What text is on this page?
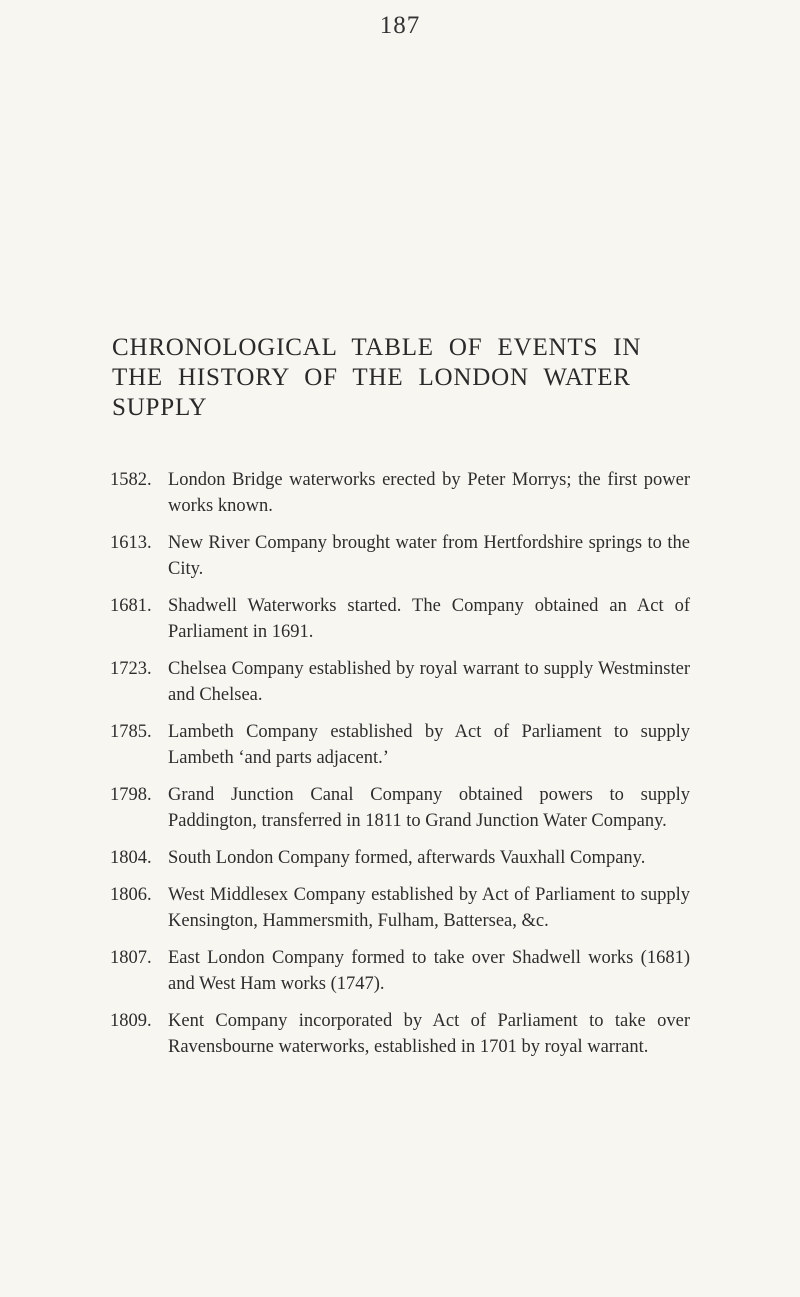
187
CHRONOLOGICAL TABLE OF EVENTS IN
THE HISTORY OF THE LONDON WATER
SUPPLY
1582. London Bridge waterworks erected by Peter Morrys; the first power works known.
1613. New River Company brought water from Hertfordshire springs to the City.
1681. Shadwell Waterworks started. The Company obtained an Act of Parliament in 1691.
1723. Chelsea Company established by royal warrant to supply Westminster and Chelsea.
1785. Lambeth Company established by Act of Parliament to supply Lambeth ‘and parts adjacent.’
1798. Grand Junction Canal Company obtained powers to supply Paddington, transferred in 1811 to Grand Junction Water Company.
1804. South London Company formed, afterwards Vauxhall Company.
1806. West Middlesex Company established by Act of Parliament to supply Kensington, Hammersmith, Fulham, Battersea, &c.
1807. East London Company formed to take over Shadwell works (1681) and West Ham works (1747).
1809. Kent Company incorporated by Act of Parliament to take over Ravensbourne waterworks, established in 1701 by royal warrant.
